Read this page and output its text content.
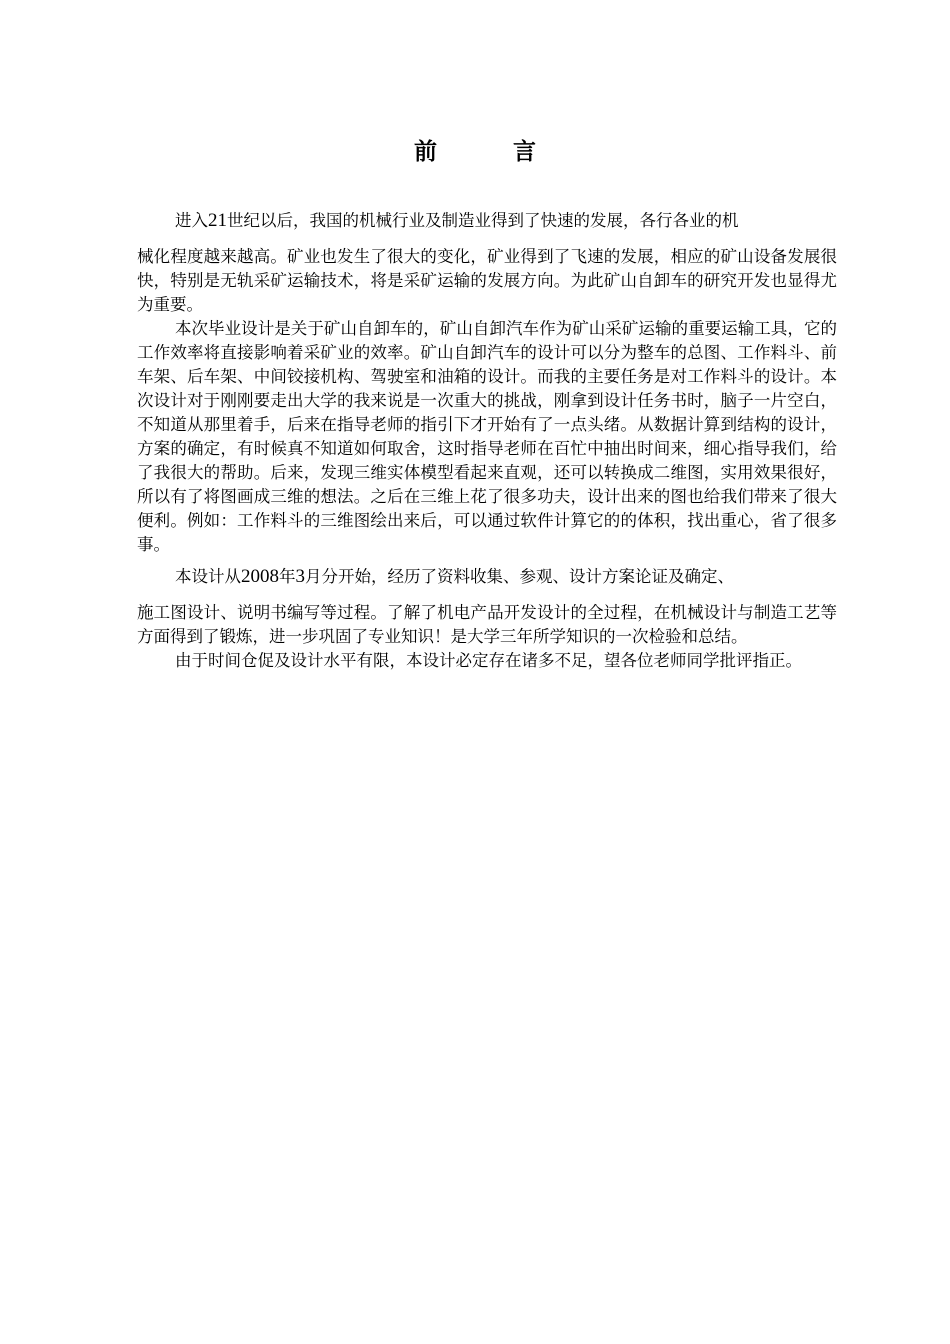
前 言

进入21世纪以后，我国的机械行业及制造业得到了快速的发展，各行各业的机
械化程度越来越高。矿业也发生了很大的变化，矿业得到了飞速的发展，相应的矿山设备发展很快，特别是无轨采矿运输技术，将是采矿运输的发展方向。为此矿山自卸车的研究开发也显得尤为重要。

本次毕业设计是关于矿山自卸车的，矿山自卸汽车作为矿山采矿运输的重要运输工具，它的工作效率将直接影响着采矿业的效率。矿山自卸汽车的设计可以分为整车的总图、工作料斗、前车架、后车架、中间铰接机构、驾驶室和油箱的设计。而我的主要任务是对工作料斗的设计。本次设计对于刚刚要走出大学的我来说是一次重大的挑战，刚拿到设计任务书时，脑子一片空白，不知道从那里着手，后来在指导老师的指引下才开始有了一点头绪。从数据计算到结构的设计，方案的确定，有时候真不知道如何取舍，这时指导老师在百忙中抽出时间来，细心指导我们，给了我很大的帮助。后来，发现三维实体模型看起来直观，还可以转换成二维图，实用效果很好，所以有了将图画成三维的想法。之后在三维上花了很多功夫，设计出来的图也给我们带来了很大便利。例如：工作料斗的三维图绘出来后，可以通过软件计算它的的体积，找出重心，省了很多事。

本设计从2008年3月分开始，经历了资料收集、参观、设计方案论证及确定、
施工图设计、说明书编写等过程。了解了机电产品开发设计的全过程，在机械设计与制造工艺等方面得到了锻炼，进一步巩固了专业知识！是大学三年所学知识的一次检验和总结。

由于时间仓促及设计水平有限，本设计必定存在诸多不足，望各位老师同学批评指正。
